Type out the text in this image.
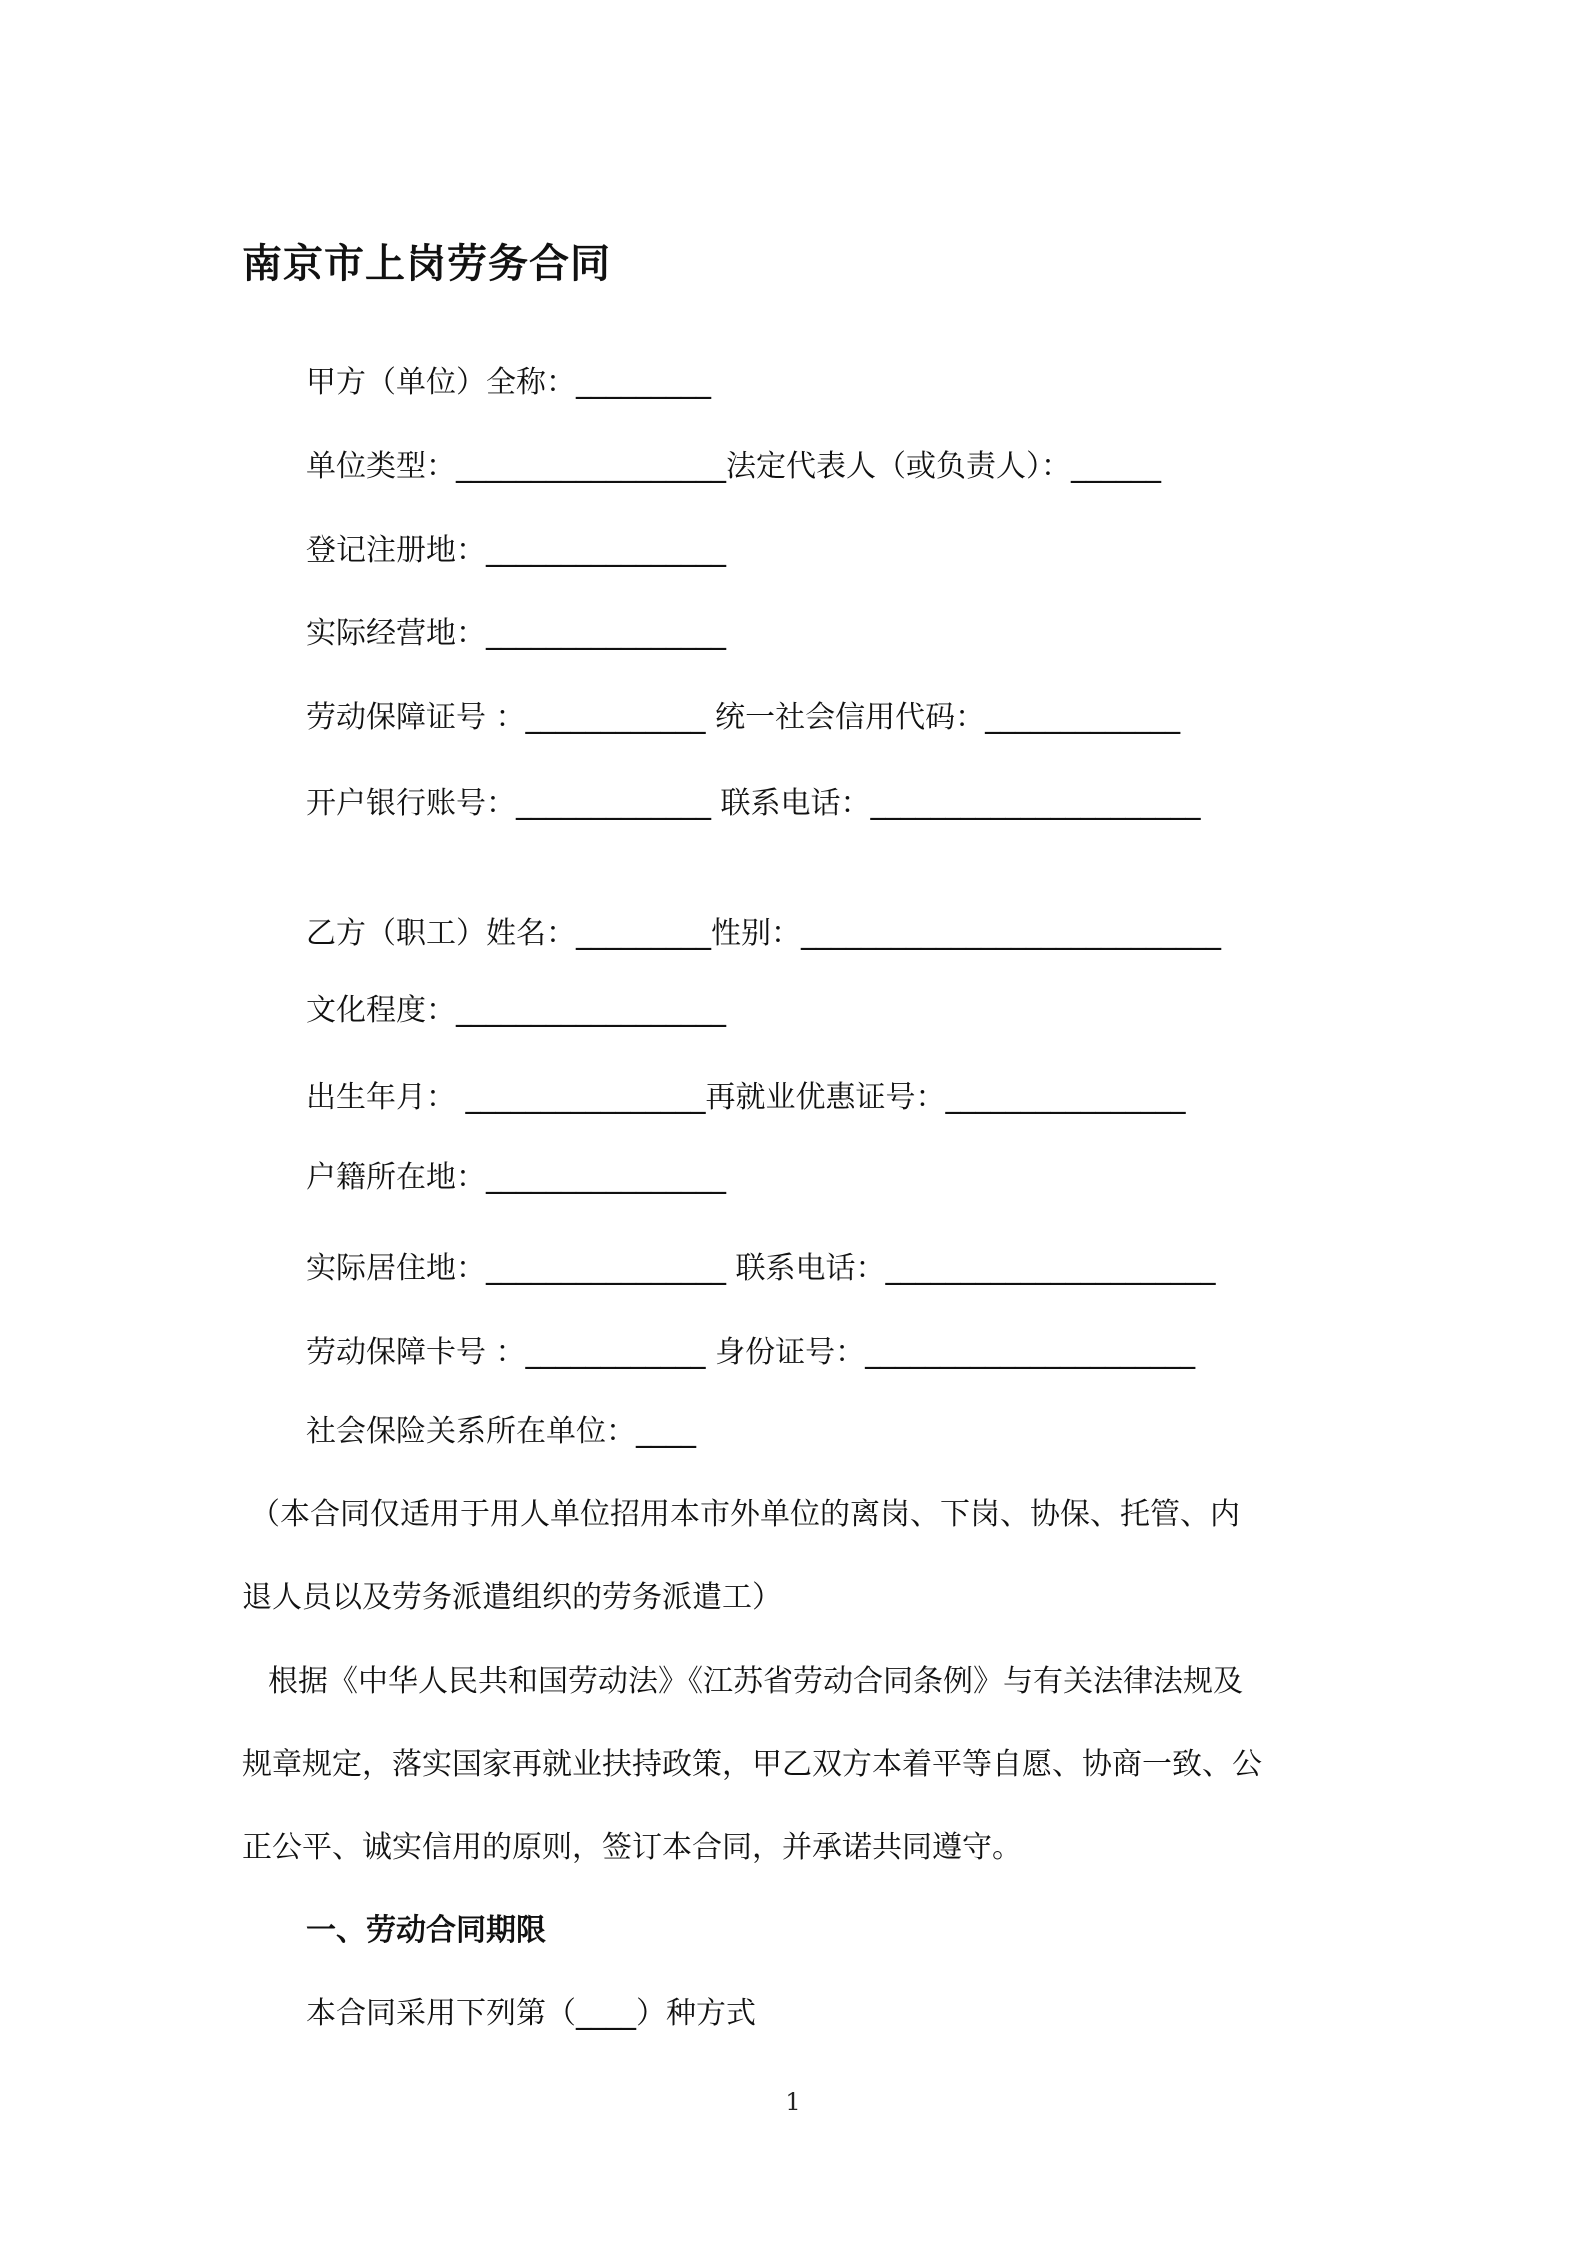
南京市上岗劳务合同
甲方（单位）全称：_________
单位类型：__________________法定代表人（或负责人）：______
登记注册地：________________
实际经营地：________________
劳动保障证号 ：____________ 统一社会信用代码：_____________
开户银行账号：_____________ 联系电话：______________________
乙方（职工）姓名：_________性别：____________________________
文化程度：__________________
出生年月： ________________再就业优惠证号：________________
户籍所在地：________________
实际居住地：________________ 联系电话：______________________
劳动保障卡号 ：____________ 身份证号：______________________
社会保险关系所在单位：____
（本合同仅适用于用人单位招用本市外单位的离岗、下岗、协保、托管、内
退人员以及劳务派遣组织的劳务派遣工）
根据《中华人民共和国劳动法》《江苏省劳动合同条例》与有关法律法规及
规章规定，落实国家再就业扶持政策，甲乙双方本着平等自愿、协商一致、公
正公平、诚实信用的原则，签订本合同，并承诺共同遵守。
一、劳动合同期限
本合同采用下列第（____）种方式
1
